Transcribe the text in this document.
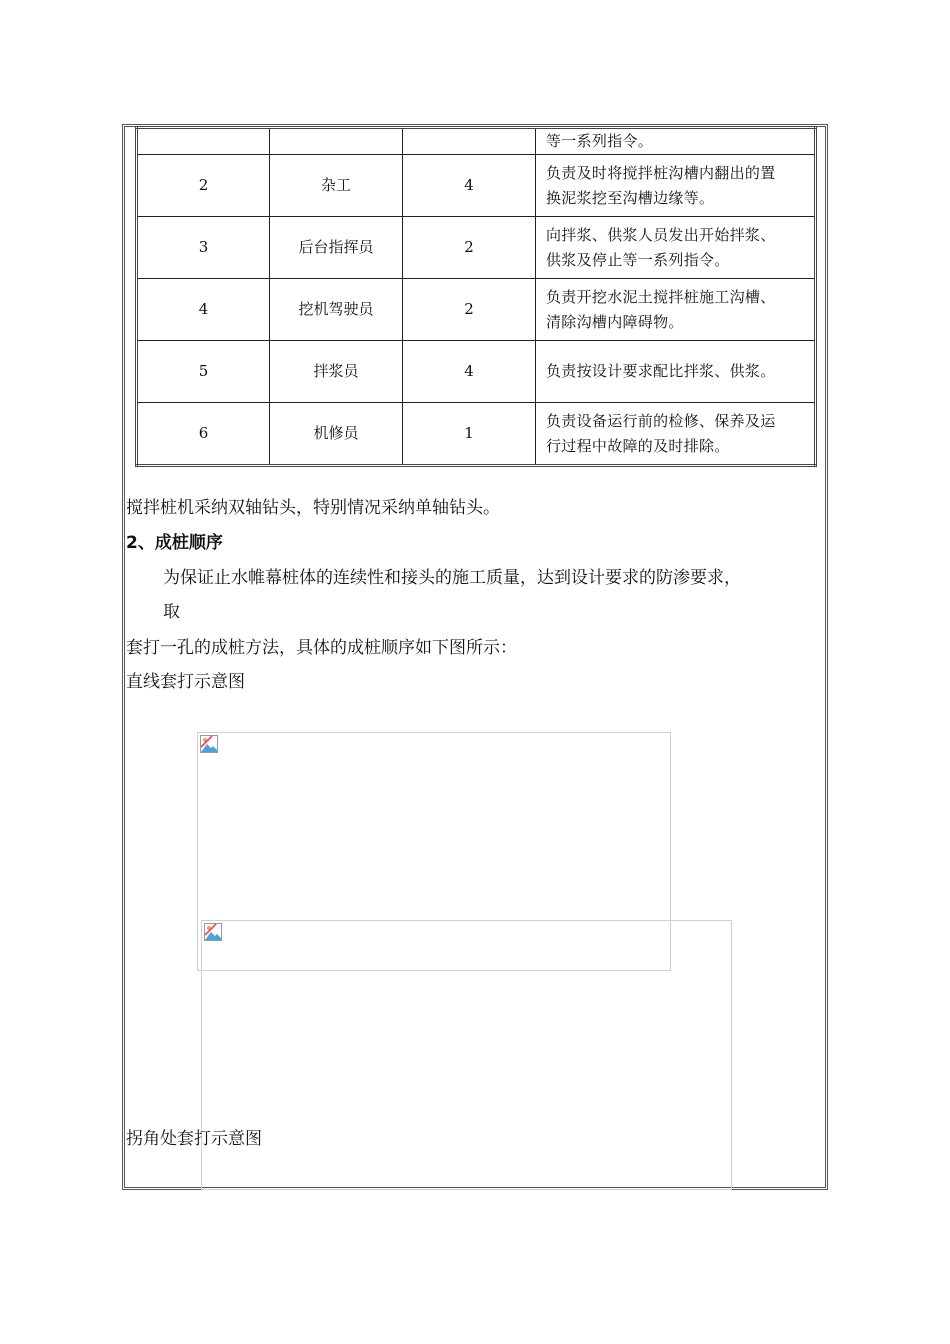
			等一系列指令。
2	杂工	4	负责及时将搅拌桩沟槽内翻出的置
换泥浆挖至沟槽边缘等。
3	后台指挥员	2	向拌浆、供浆人员发出开始拌浆、
供浆及停止等一系列指令。
4	挖机驾驶员	2	负责开挖水泥土搅拌桩施工沟槽、
清除沟槽内障碍物。
5	拌浆员	4	负责按设计要求配比拌浆、供浆。
6	机修员	1	负责设备运行前的检修、保养及运
行过程中故障的及时排除。
搅拌桩机采纳双轴钻头，特别情况采纳单轴钻头。
2、成桩顺序
为保证止水帷幕桩体的连续性和接头的施工质量，达到设计要求的防渗要求，
取
套打一孔的成桩方法，具体的成桩顺序如下图所示：
直线套打示意图
拐角处套打示意图
